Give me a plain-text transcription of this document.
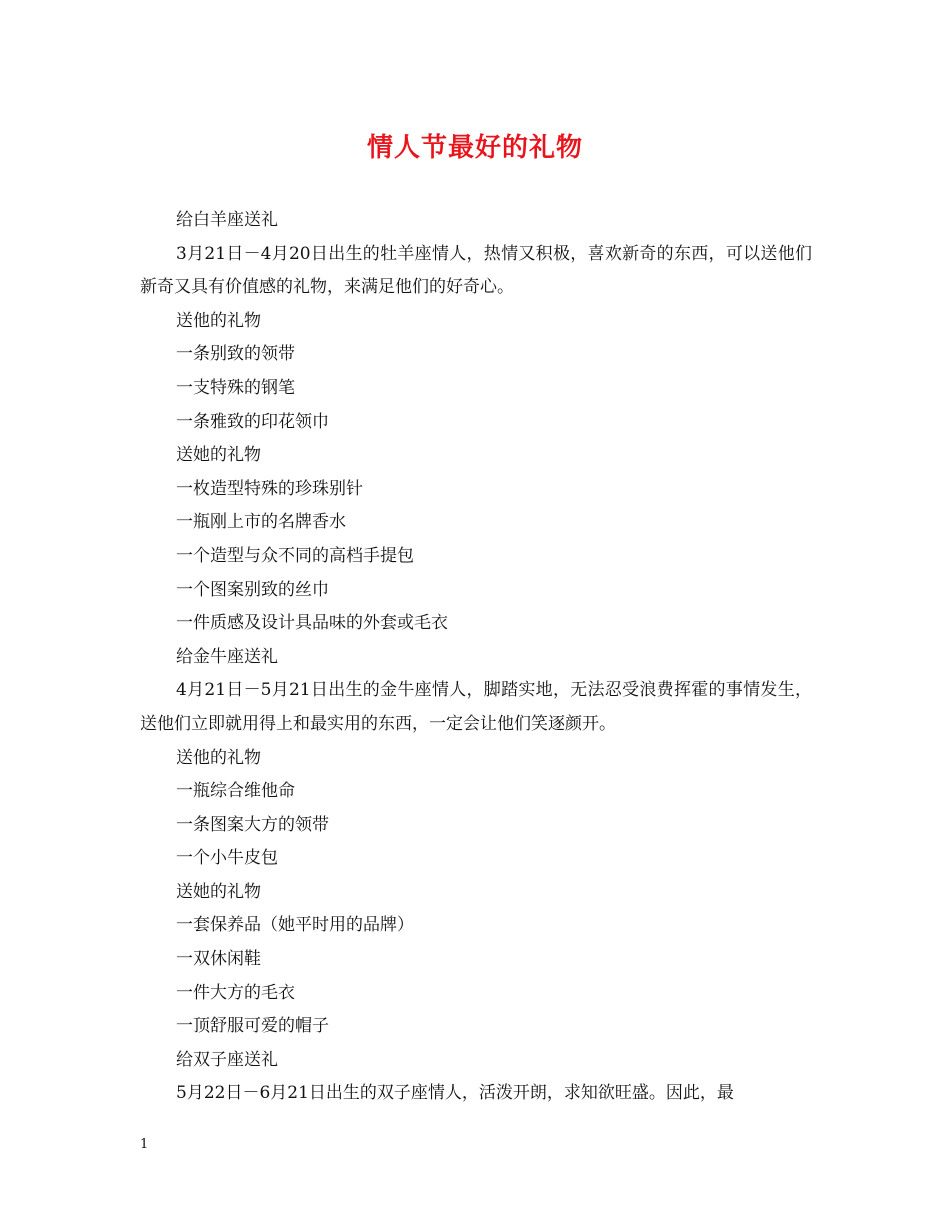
情人节最好的礼物

给白羊座送礼

3月21日－4月20日出生的牡羊座情人，热情又积极，喜欢新奇的东西，可以送他们新奇又具有价值感的礼物，来满足他们的好奇心。

送他的礼物

一条别致的领带

一支特殊的钢笔

一条雅致的印花领巾

送她的礼物

一枚造型特殊的珍珠别针

一瓶刚上市的名牌香水

一个造型与众不同的高档手提包

一个图案别致的丝巾

一件质感及设计具品味的外套或毛衣

给金牛座送礼

4月21日－5月21日出生的金牛座情人，脚踏实地，无法忍受浪费挥霍的事情发生，送他们立即就用得上和最实用的东西，一定会让他们笑逐颜开。

送他的礼物

一瓶综合维他命

一条图案大方的领带

一个小牛皮包

送她的礼物

一套保养品（她平时用的品牌）

一双休闲鞋

一件大方的毛衣

一顶舒服可爱的帽子

给双子座送礼

5月22日－6月21日出生的双子座情人，活泼开朗，求知欲旺盛。因此，最

1
